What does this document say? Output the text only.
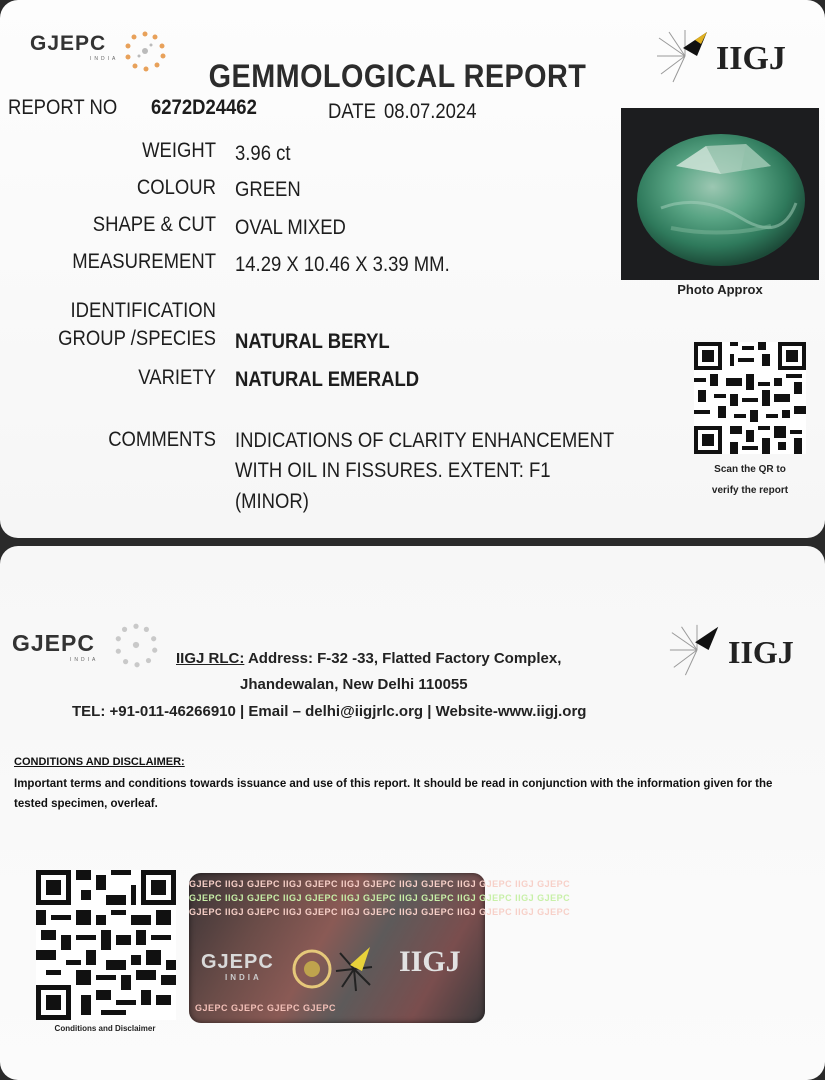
GJEPC
INDIA	IIGJ
GEMMOLOGICAL REPORT
REPORT NO 6272D24462	DATE 08.07.2024
WEIGHT 3.96 ct
COLOUR GREEN
SHAPE & CUT OVAL MIXED
MEASUREMENT 14.29 X 10.46 X 3.39 MM.
IDENTIFICATION
GROUP /SPECIES NATURAL BERYL
VARIETY NATURAL EMERALD
COMMENTS INDICATIONS OF CLARITY ENHANCEMENT
WITH OIL IN FISSURES. EXTENT: F1
(MINOR)
Photo Approx
Scan the QR to
verify the report
GJEPC
INDIA	IIGJ
IIGJ RLC: Address: F-32 -33, Flatted Factory Complex,
Jhandewalan, New Delhi 110055
TEL: +91-011-46266910 | Email – delhi@iigjrlc.org | Website-www.iigj.org
CONDITIONS AND DISCLAIMER:
Important terms and conditions towards issuance and use of this report. It should be read in conjunction with the information given for the tested specimen, overleaf.
Conditions and Disclaimer
GJEPC IIGJ GJEPC IIGJ GJEPC IIGJ GJEPC IIGJ GJEPC IIGJ GJEPC IIGJ GJEPC
GJEPC IIGJ GJEPC IIGJ GJEPC IIGJ GJEPC IIGJ GJEPC IIGJ GJEPC IIGJ GJEPC
GJEPC IIGJ GJEPC IIGJ GJEPC IIGJ GJEPC IIGJ GJEPC IIGJ GJEPC IIGJ GJEPC
GJEPC
INDIA	IIGJ
GJEPC GJEPC GJEPC GJEPC
